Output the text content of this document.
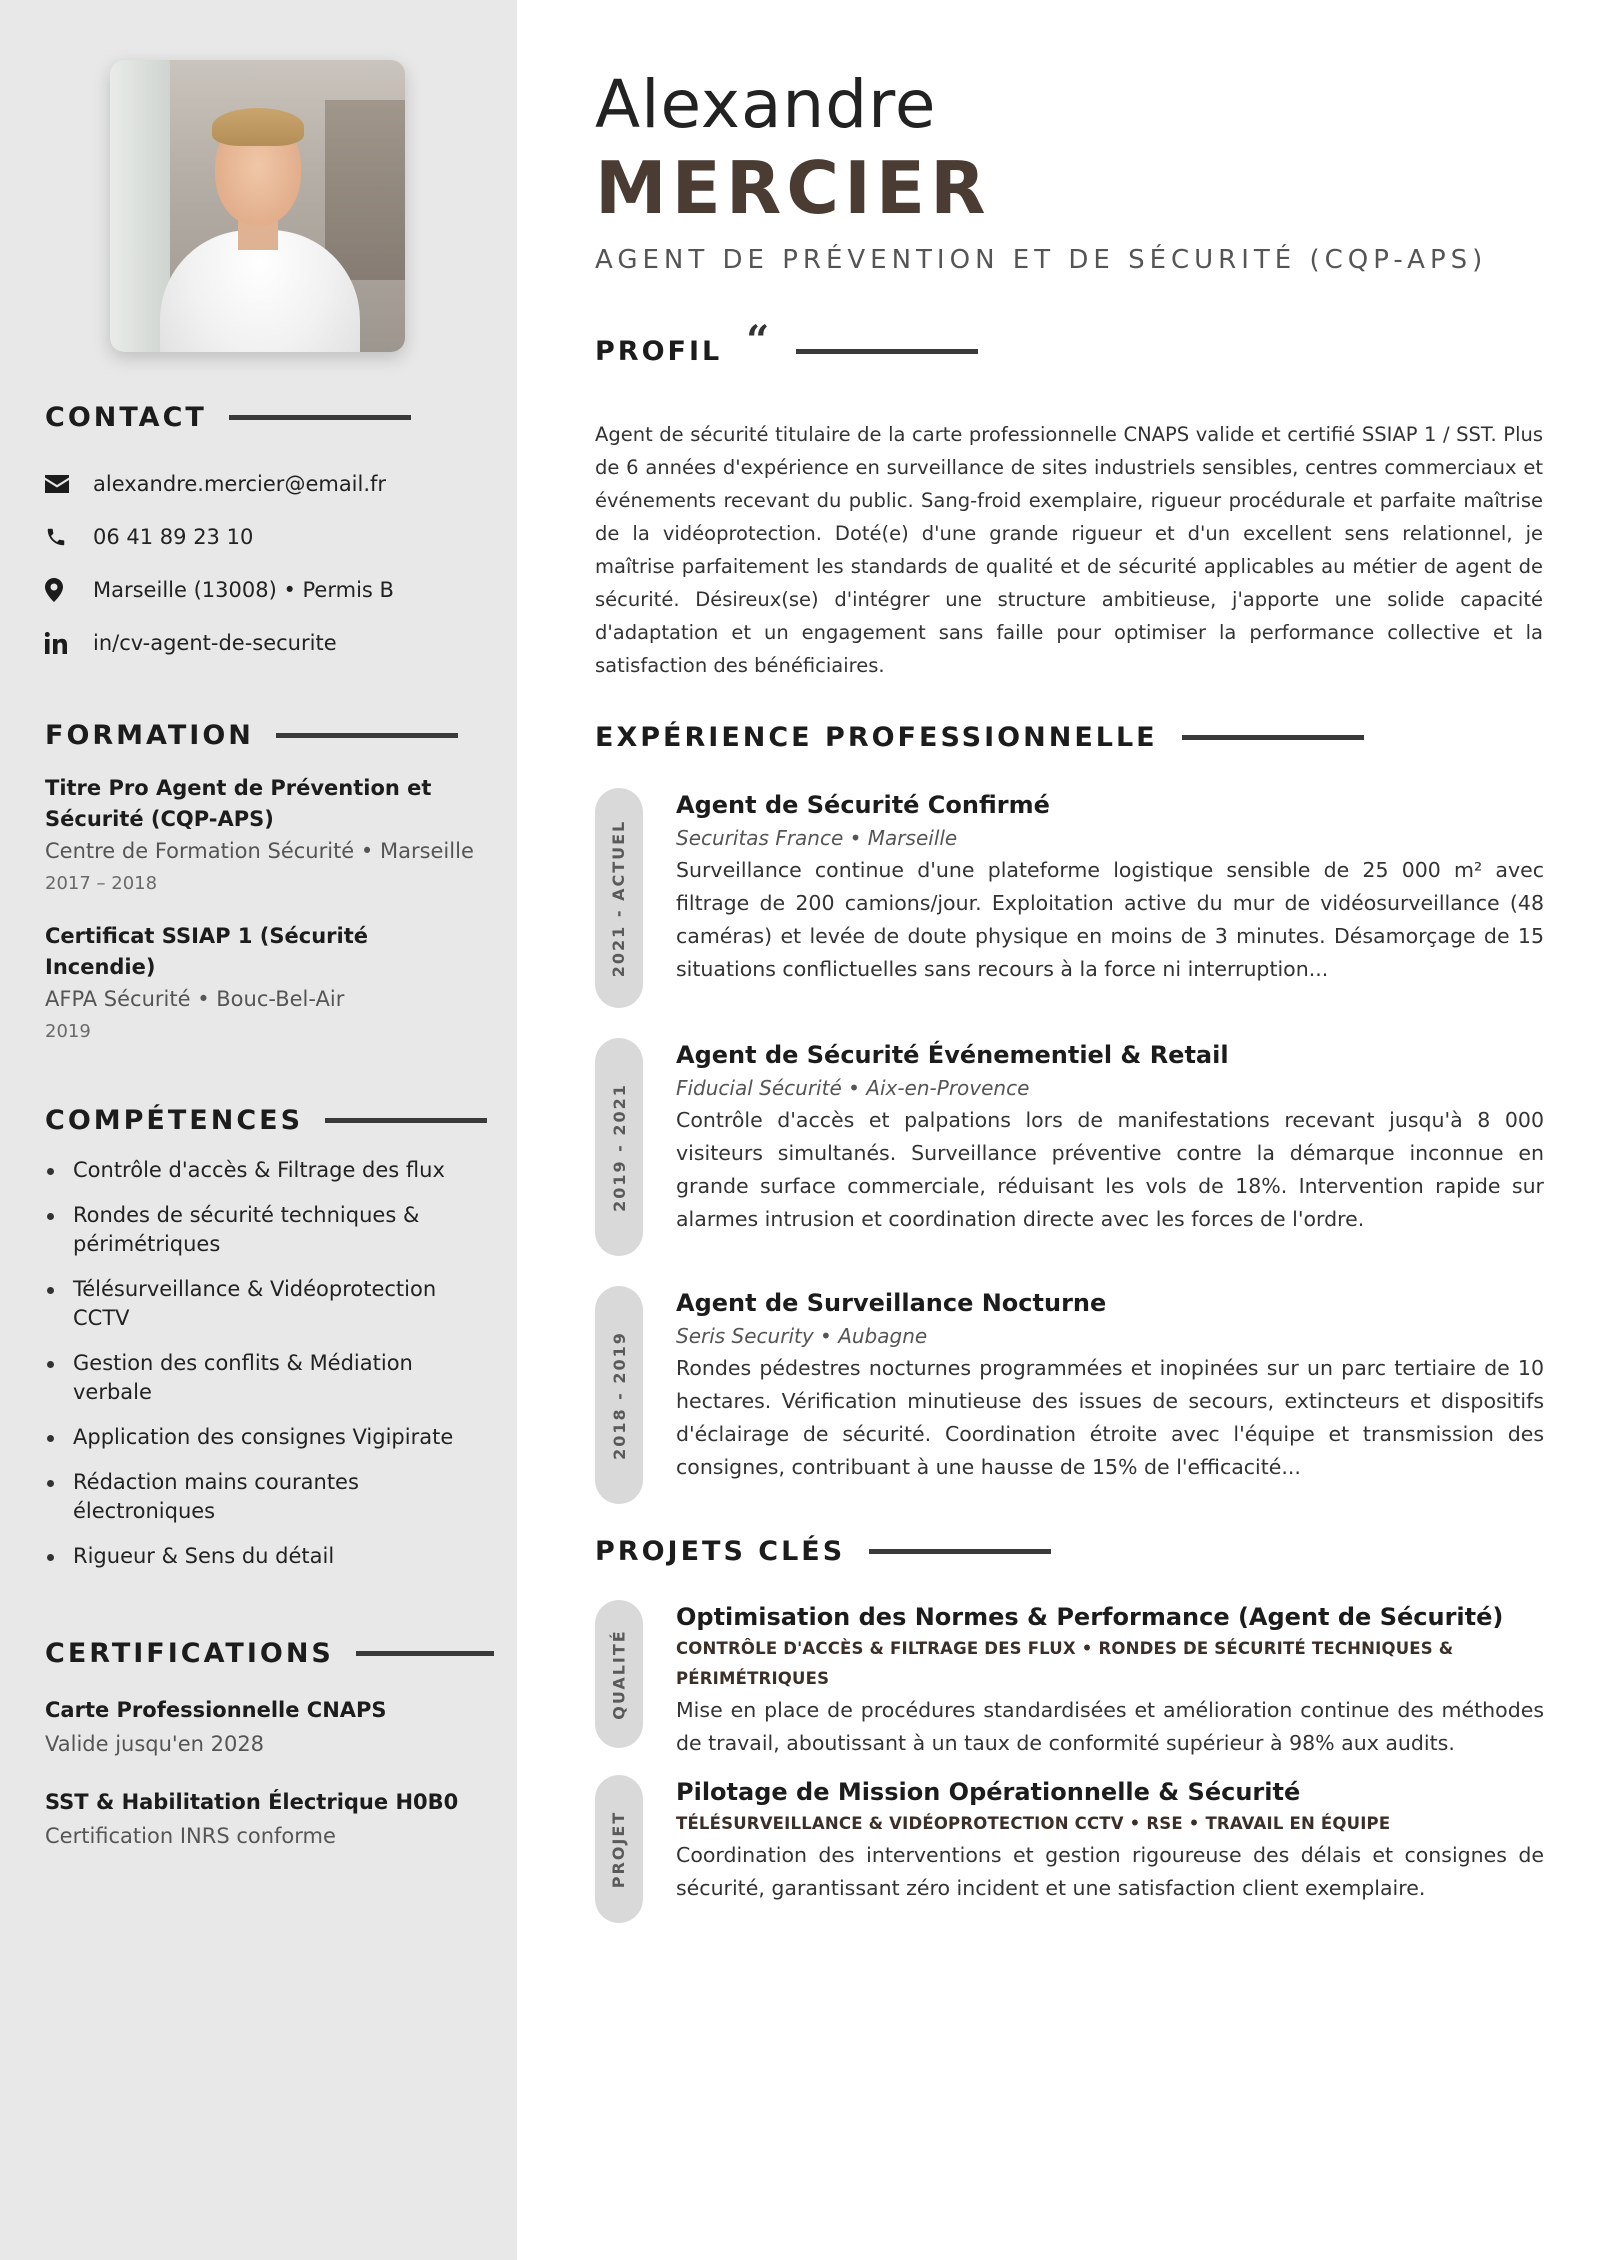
CONTACT
alexandre.mercier@email.fr
06 41 89 23 10
Marseille (13008) • Permis B
in/cv-agent-de-securite
FORMATION
Titre Pro Agent de Prévention et Sécurité (CQP-APS)
Centre de Formation Sécurité • Marseille
2017 – 2018
Certificat SSIAP 1 (Sécurité Incendie)
AFPA Sécurité • Bouc-Bel-Air
2019
COMPÉTENCES
Contrôle d'accès & Filtrage des flux
Rondes de sécurité techniques & périmétriques
Télésurveillance & Vidéoprotection CCTV
Gestion des conflits & Médiation verbale
Application des consignes Vigipirate
Rédaction mains courantes électroniques
Rigueur & Sens du détail
CERTIFICATIONS
Carte Professionnelle CNAPS
Valide jusqu'en 2028
SST & Habilitation Électrique H0B0
Certification INRS conforme
Alexandre
MERCIER
AGENT DE PRÉVENTION ET DE SÉCURITÉ (CQP-APS)
PROFIL “

Agent de sécurité titulaire de la carte professionnelle CNAPS valide et certifié SSIAP 1 / SST. Plus de 6 années d'expérience en surveillance de sites industriels sensibles, centres commerciaux et événements recevant du public. Sang-froid exemplaire, rigueur procédurale et parfaite maîtrise de la vidéoprotection. Doté(e) d'une grande rigueur et d'un excellent sens relationnel, je maîtrise parfaitement les standards de qualité et de sécurité applicables au métier de agent de sécurité. Désireux(se) d'intégrer une structure ambitieuse, j'apporte une solide capacité d'adaptation et un engagement sans faille pour optimiser la performance collective et la satisfaction des bénéficiaires.

EXPÉRIENCE PROFESSIONNELLE
2021 - ACTUEL
Agent de Sécurité Confirmé
Securitas France • Marseille
Surveillance continue d'une plateforme logistique sensible de 25 000 m² avec filtrage de 200 camions/jour. Exploitation active du mur de vidéosurveillance (48 caméras) et levée de doute physique en moins de 3 minutes. Désamorçage de 15 situations conflictuelles sans recours à la force ni interruption...
2019 - 2021
Agent de Sécurité Événementiel & Retail
Fiducial Sécurité • Aix-en-Provence
Contrôle d'accès et palpations lors de manifestations recevant jusqu'à 8 000 visiteurs simultanés. Surveillance préventive contre la démarque inconnue en grande surface commerciale, réduisant les vols de 18%. Intervention rapide sur alarmes intrusion et coordination directe avec les forces de l'ordre.
2018 - 2019
Agent de Surveillance Nocturne
Seris Security • Aubagne
Rondes pédestres nocturnes programmées et inopinées sur un parc tertiaire de 10 hectares. Vérification minutieuse des issues de secours, extincteurs et dispositifs d'éclairage de sécurité. Coordination étroite avec l'équipe et transmission des consignes, contribuant à une hausse de 15% de l'efficacité...
PROJETS CLÉS
QUALITÉ
Optimisation des Normes & Performance (Agent de Sécurité)
CONTRÔLE D'ACCÈS & FILTRAGE DES FLUX • RONDES DE SÉCURITÉ TECHNIQUES & PÉRIMÉTRIQUES
Mise en place de procédures standardisées et amélioration continue des méthodes de travail, aboutissant à un taux de conformité supérieur à 98% aux audits.
PROJET
Pilotage de Mission Opérationnelle & Sécurité
TÉLÉSURVEILLANCE & VIDÉOPROTECTION CCTV • RSE • TRAVAIL EN ÉQUIPE
Coordination des interventions et gestion rigoureuse des délais et consignes de sécurité, garantissant zéro incident et une satisfaction client exemplaire.
